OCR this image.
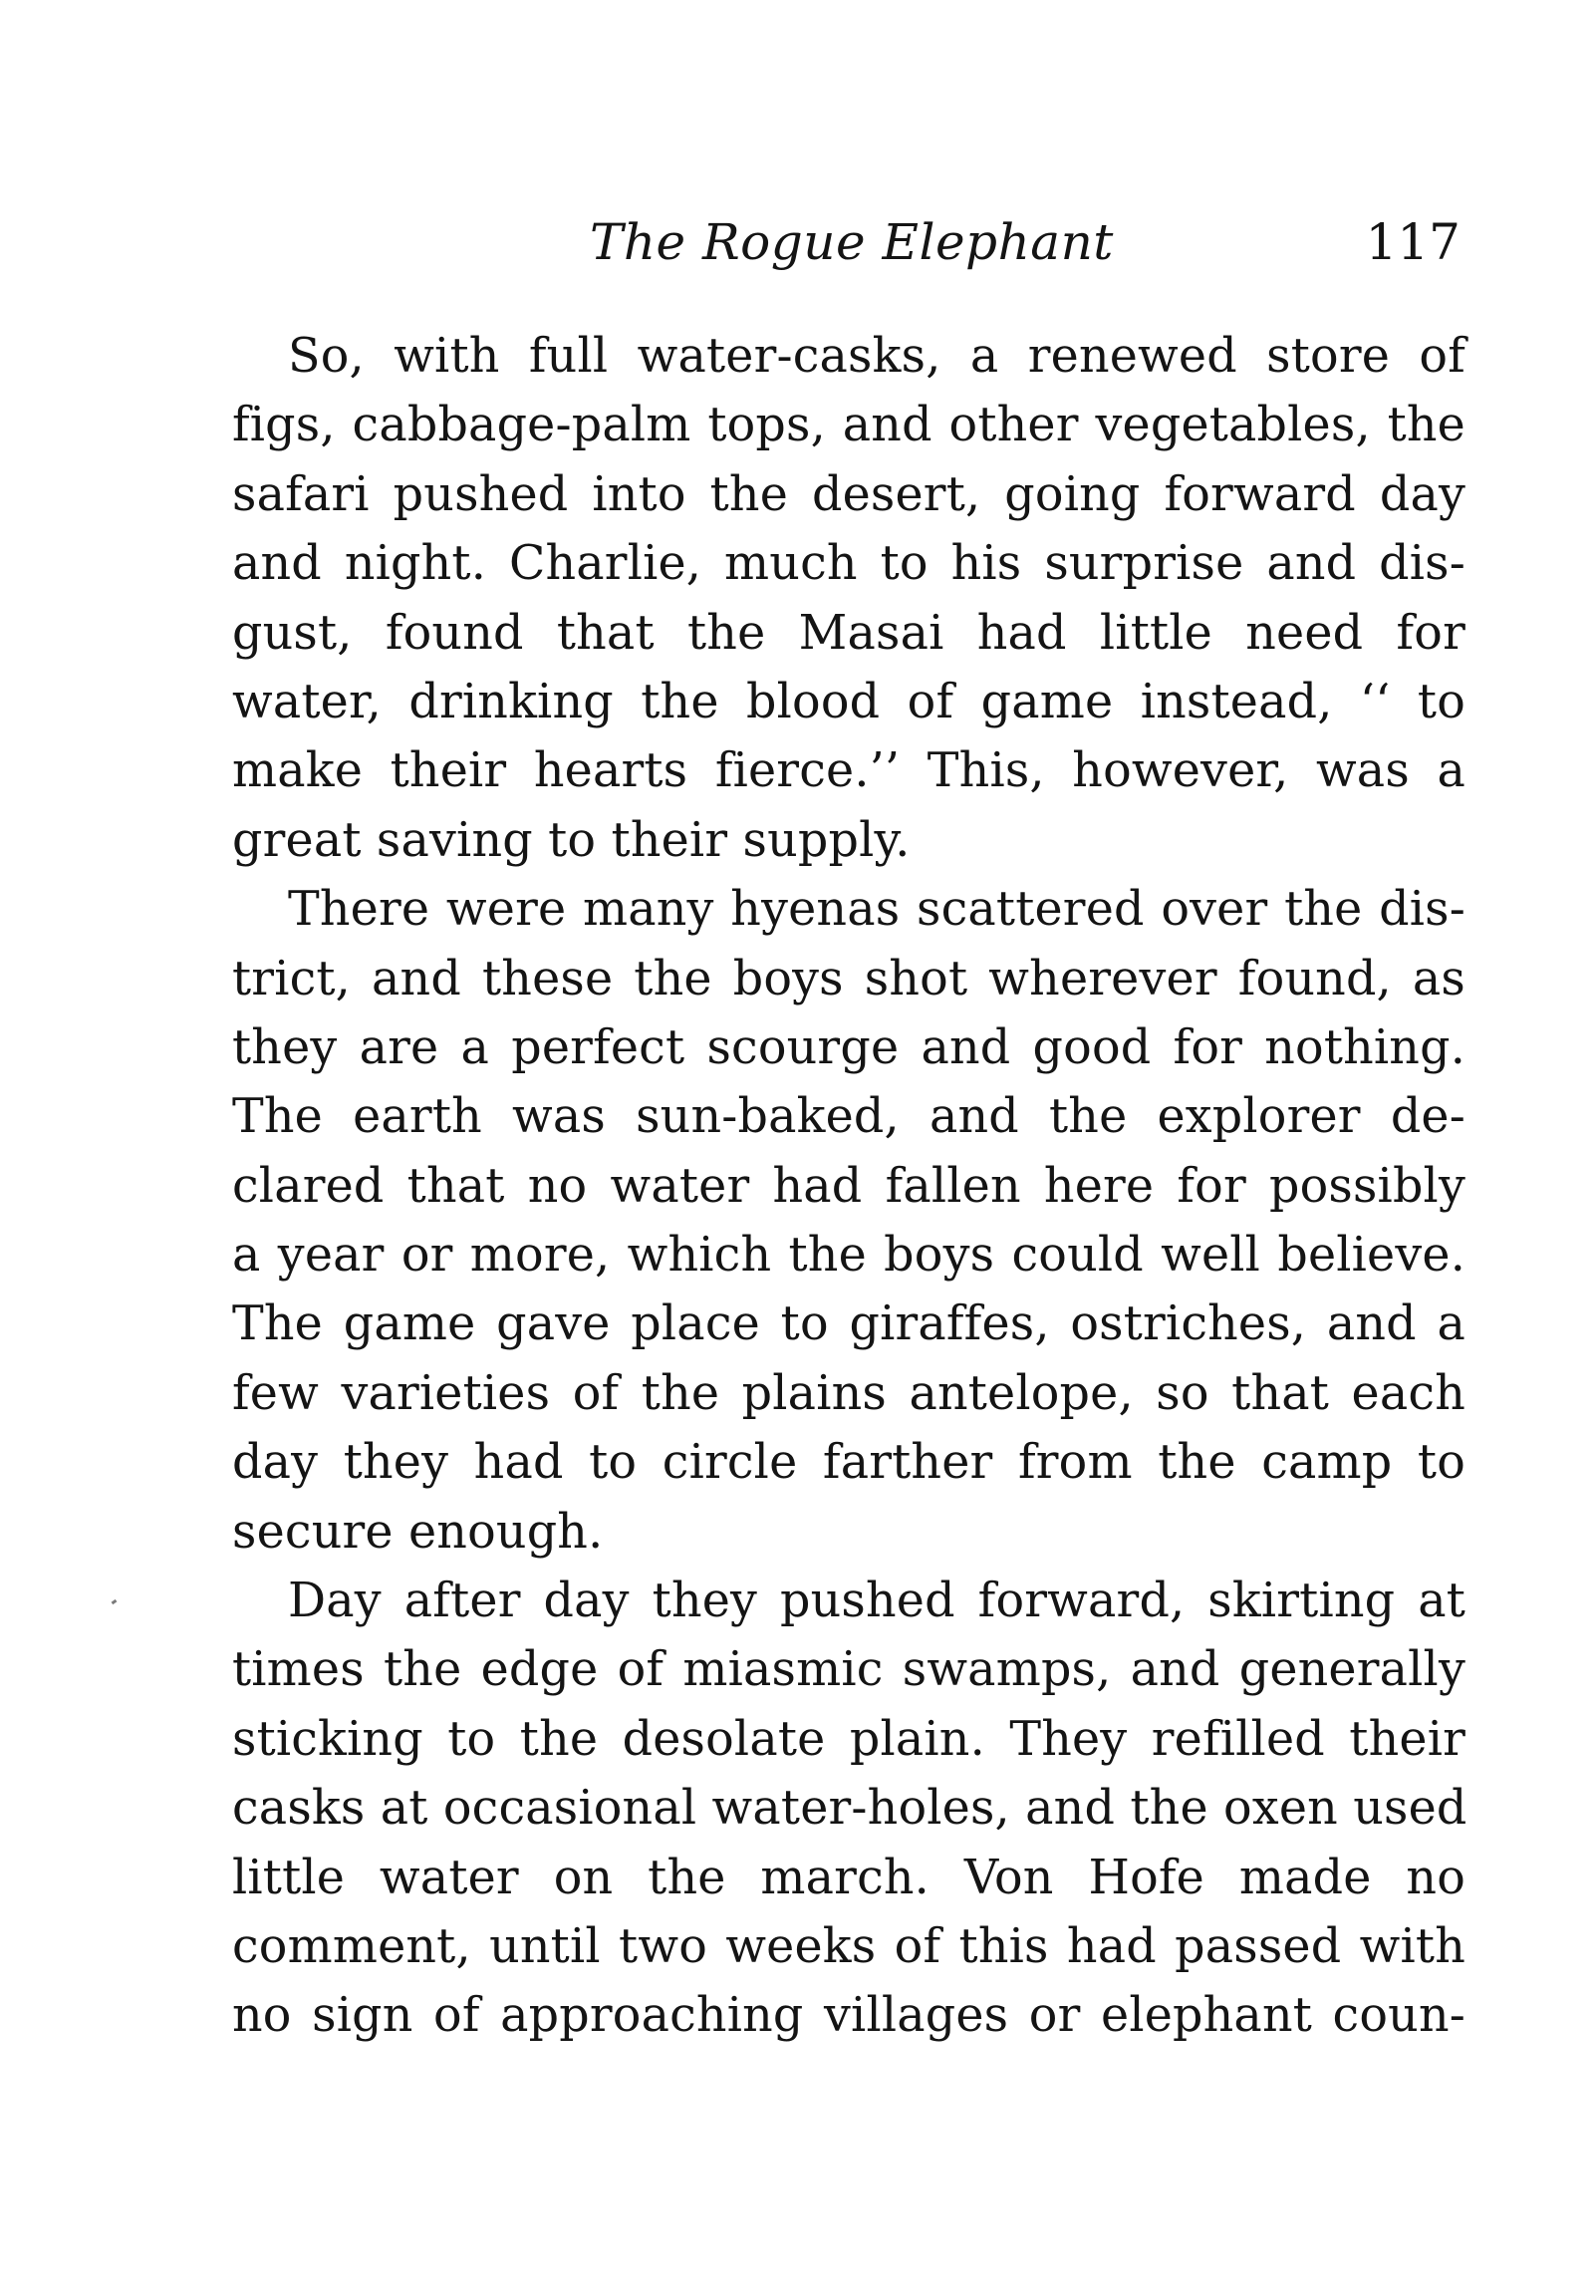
The Rogue Elephant	117
So, with full water-casks, a renewed store of
figs, cabbage-palm tops, and other vegetables, the
safari pushed into the desert, going forward day
and night. Charlie, much to his surprise and dis-
gust, found that the Masai had little need for
water, drinking the blood of game instead, ‘‘ to
make their hearts fierce.’’ This, however, was a
great saving to their supply.
There were many hyenas scattered over the dis-
trict, and these the boys shot wherever found, as
they are a perfect scourge and good for nothing.
The earth was sun-baked, and the explorer de-
clared that no water had fallen here for possibly
a year or more, which the boys could well believe.
The game gave place to giraffes, ostriches, and a
few varieties of the plains antelope, so that each
day they had to circle farther from the camp to
secure enough.
Day after day they pushed forward, skirting at
times the edge of miasmic swamps, and generally
sticking to the desolate plain. They refilled their
casks at occasional water-holes, and the oxen used
little water on the march. Von Hofe made no
comment, until two weeks of this had passed with
no sign of approaching villages or elephant coun-
